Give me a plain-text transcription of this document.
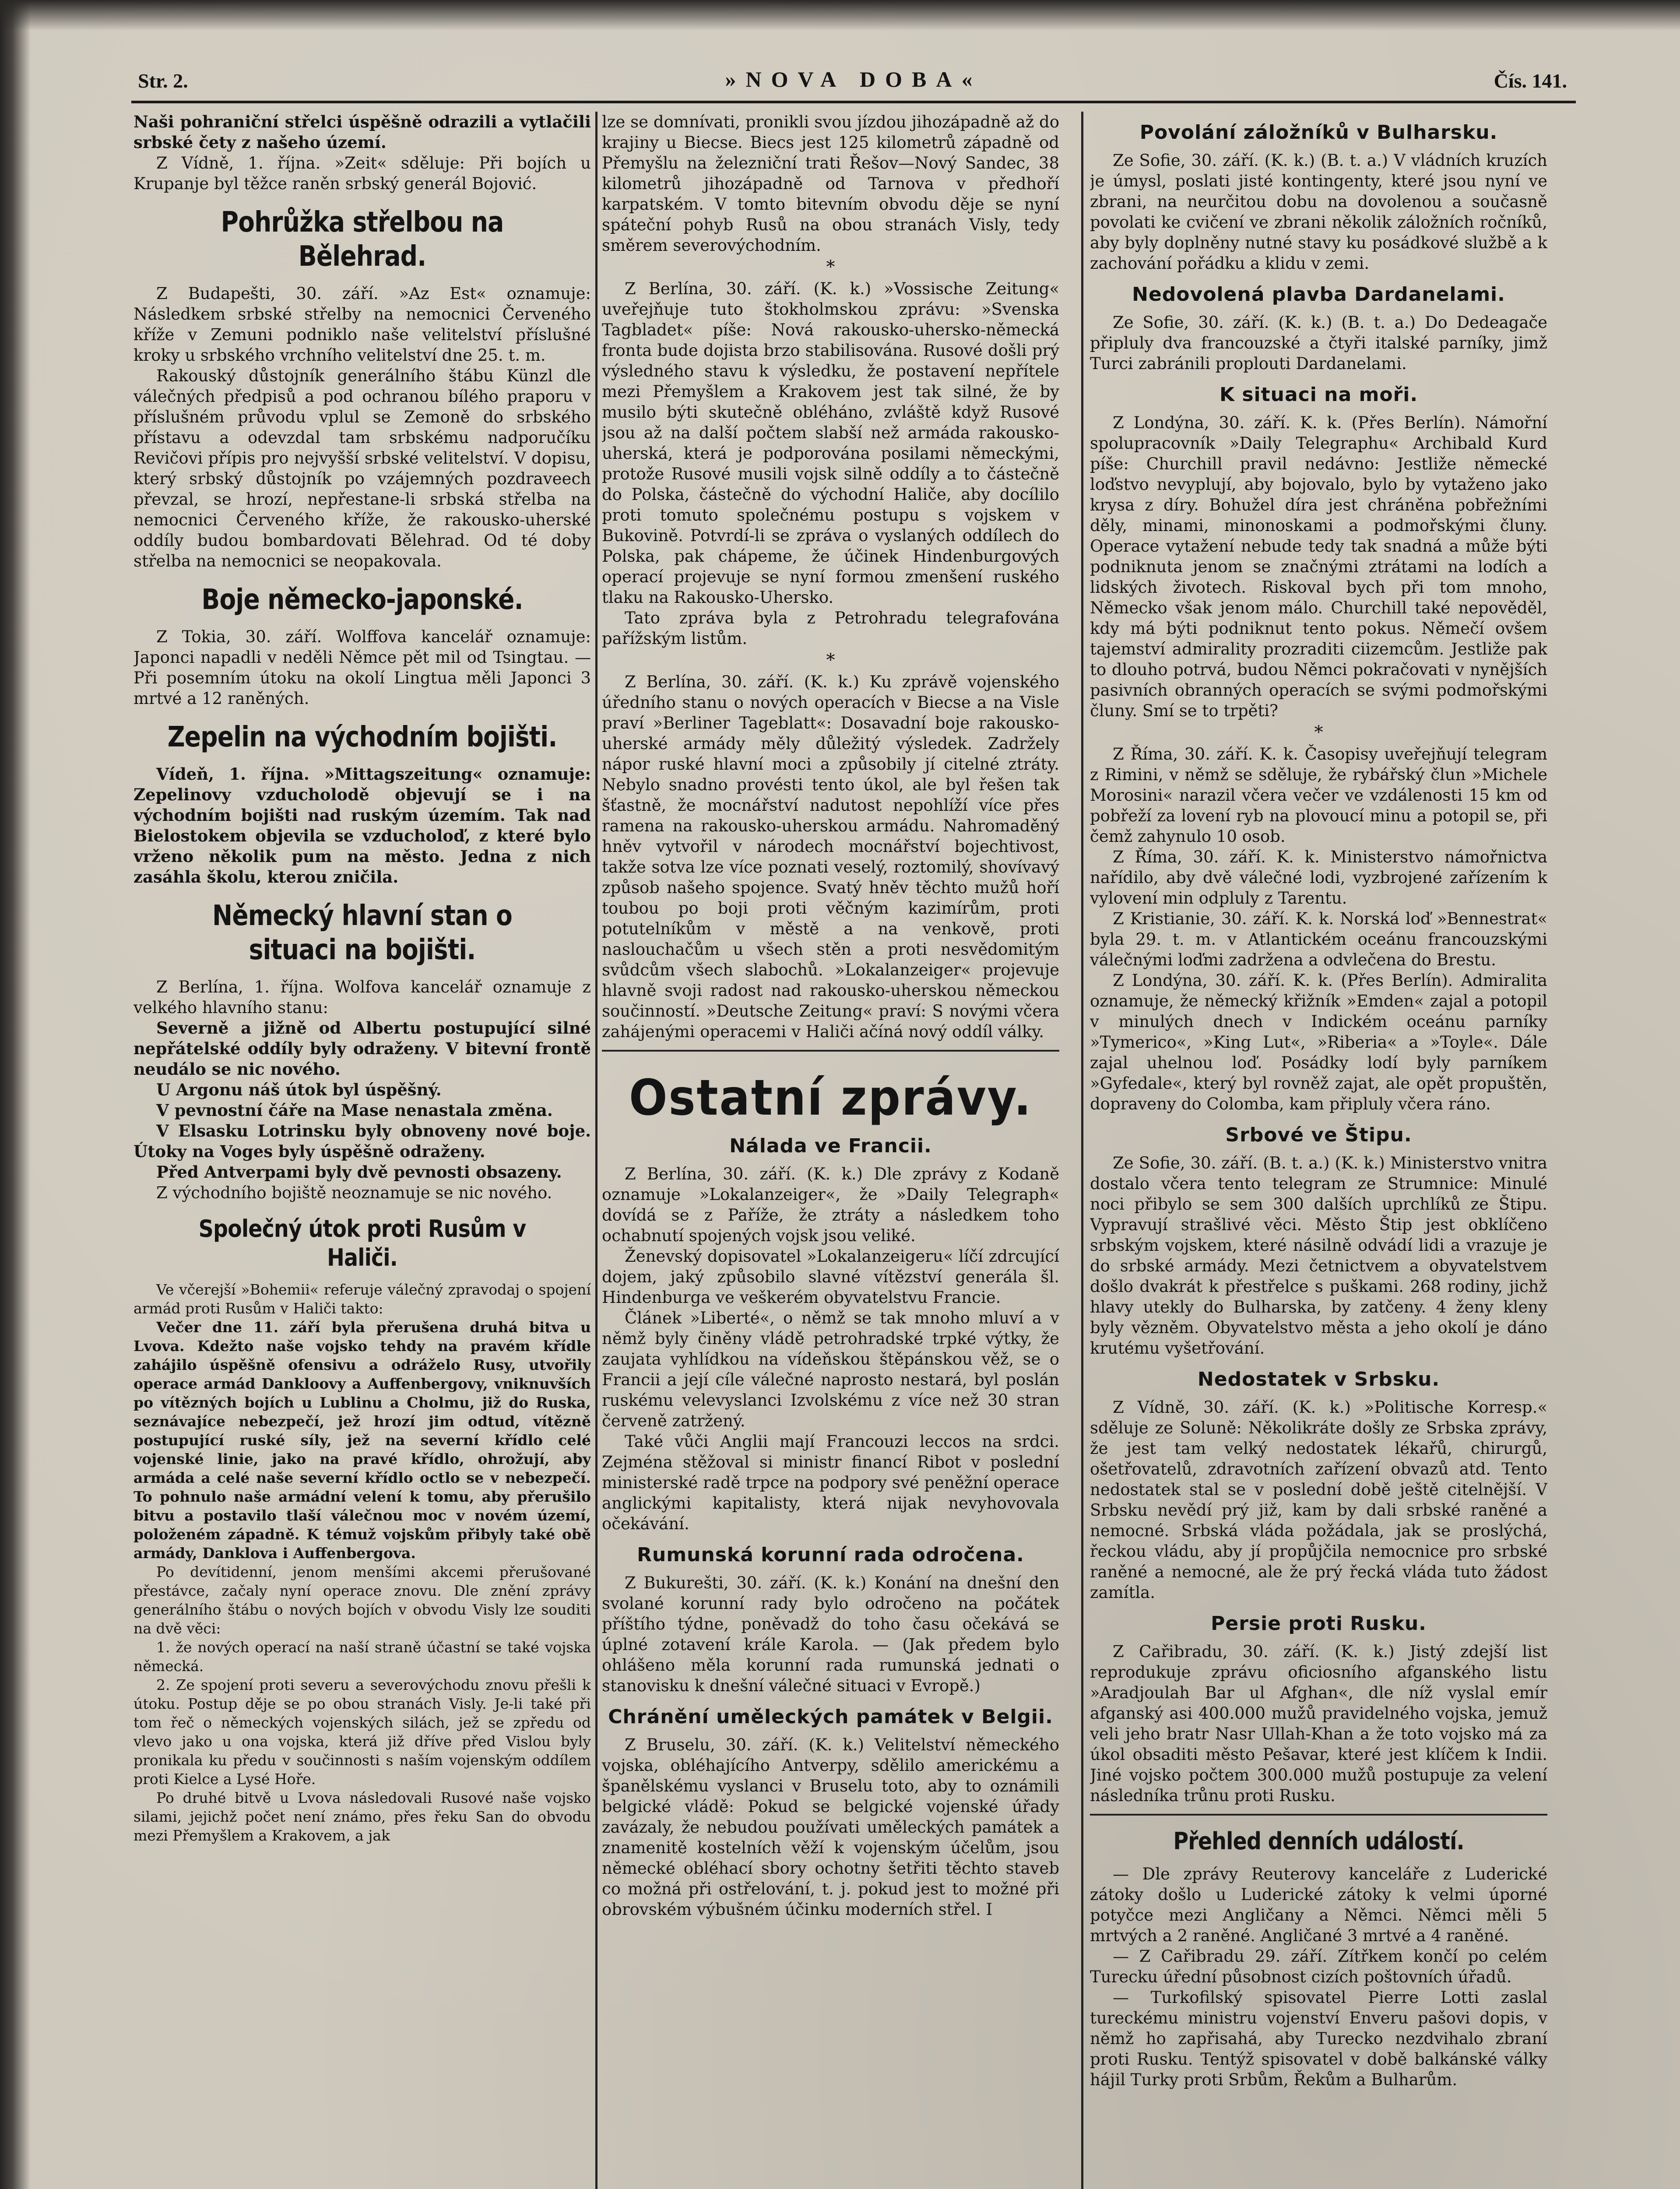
Str. 2.	»NOVA DOBA«	Čís. 141.

Naši pohraniční střelci úspěšně odrazili a vytlačili srbské čety z našeho území.

Z Vídně, 1. října. »Zeit« sděluje: Při bojích u Krupanje byl těžce raněn srbský generál Bojović.

Pohrůžka střelbou na Bělehrad.

Z Budapešti, 30. září. »Az Est« oznamuje: Následkem srbské střelby na nemocnici Červeného kříže v Zemuni podniklo naše velitelství příslušné kroky u srbského vrchního velitelství dne 25. t. m.

Rakouský důstojník generálního štábu Künzl dle válečných předpisů a pod ochranou bílého praporu v příslušném průvodu vplul se Zemoně do srbského přístavu a odevzdal tam srbskému nadporučíku Revičovi přípis pro nejvyšší srbské velitelství. V dopisu, který srbský důstojník po vzájemných pozdraveech převzal, se hrozí, nepřestane-li srbská střelba na nemocnici Červeného kříže, že rakousko-uherské oddíly budou bombardovati Bělehrad. Od té doby střelba na nemocnici se neopakovala.

Boje německo-japonské.

Z Tokia, 30. září. Wolffova kancelář oznamuje: Japonci napadli v neděli Němce pět mil od Tsingtau. — Při posemním útoku na okolí Lingtua měli Japonci 3 mrtvé a 12 raněných.

Zepelin na východním bojišti.

Vídeň, 1. října. »Mittagszeitung« oznamuje: Zepelinovy vzducholodě objevují se i na východním bojišti nad ruským územím. Tak nad Bielostokem objevila se vzducholoď, z které bylo vrženo několik pum na město. Jedna z nich zasáhla školu, kterou zničila.

Německý hlavní stan o situaci na bojišti.

Z Berlína, 1. října. Wolfova kancelář oznamuje z velkého hlavního stanu:

Severně a jižně od Albertu postupující silné nepřátelské oddíly byly odraženy. V bitevní frontě neudálo se nic nového.

U Argonu náš útok byl úspěšný.

V pevnostní čáře na Mase nenastala změna.

V Elsasku Lotrinsku byly obnoveny nové boje. Útoky na Voges byly úspěšně odraženy.

Před Antverpami byly dvě pevnosti obsazeny.

Z východního bojiště neoznamuje se nic nového.

Společný útok proti Rusům v Haliči.

Ve včerejší »Bohemii« referuje válečný zpravodaj o spojení armád proti Rusům v Haliči takto:

Večer dne 11. září byla přerušena druhá bitva u Lvova. Kdežto naše vojsko tehdy na pravém křídle zahájilo úspěšně ofensivu a odráželo Rusy, utvořily operace armád Dankloovy a Auffenbergovy, vniknuvších po vítězných bojích u Lublinu a Cholmu, již do Ruska, seznávajíce nebezpečí, jež hrozí jim odtud, vítězně postupující ruské síly, jež na severní křídlo celé vojenské linie, jako na pravé křídlo, ohrožují, aby armáda a celé naše severní křídlo octlo se v nebezpečí. To pohnulo naše armádní velení k tomu, aby přerušilo bitvu a postavilo tlaší válečnou moc v novém území, položeném západně. K témuž vojskům přibyly také obě armády, Danklova i Auffenbergova.

Po devítidenní, jenom menšími akcemi přerušované přestávce, začaly nyní operace znovu. Dle znění zprávy generálního štábu o nových bojích v obvodu Visly lze souditi na dvě věci:

1. že nových operací na naší straně účastní se také vojska německá.

2. Ze spojení proti severu a severovýchodu znovu přešli k útoku. Postup děje se po obou stranách Visly. Je-li také při tom řeč o německých vojenských silách, jež se zpředu od vlevo jako u ona vojska, která již dříve před Vislou byly pronikala ku předu v součinnosti s naším vojenským oddílem proti Kielce a Lysé Hoře.

Po druhé bitvě u Lvova následovali Rusové naše vojsko silami, jejichž počet není známo, přes řeku San do obvodu mezi Přemyšlem a Krakovem, a jak

lze se domnívati, pronikli svou jízdou jihozápadně až do krajiny u Biecse. Biecs jest 125 kilometrů západně od Přemyšlu na železniční trati Řešov—Nový Sandec, 38 kilometrů jihozápadně od Tarnova v předhoří karpatském. V tomto bitevním obvodu děje se nyní spáteční pohyb Rusů na obou stranách Visly, tedy směrem severovýchodním.

*

Z Berlína, 30. září. (K. k.) »Vossische Zeitung« uveřejňuje tuto štokholmskou zprávu: »Svenska Tagbladet« píše: Nová rakousko-uhersko-německá fronta bude dojista brzo stabilisována. Rusové došli prý výsledného stavu k výsledku, že postavení nepřítele mezi Přemyšlem a Krakovem jest tak silné, že by musilo býti skutečně obléháno, zvláště když Rusové jsou až na další počtem slabší než armáda rakousko-uherská, která je podporována posilami německými, protože Rusové musili vojsk silně oddíly a to částečně do Polska, částečně do východní Haliče, aby docílilo proti tomuto společnému postupu s vojskem v Bukovině. Potvrdí-li se zpráva o vyslaných oddílech do Polska, pak chápeme, že účinek Hindenburgových operací projevuje se nyní formou zmenšení ruského tlaku na Rakousko-Uhersko.

Tato zpráva byla z Petrohradu telegrafována pařížským listům.

*

Z Berlína, 30. září. (K. k.) Ku zprávě vojenského úředního stanu o nových operacích v Biecse a na Visle praví »Berliner Tageblatt«: Dosavadní boje rakousko-uherské armády měly důležitý výsledek. Zadržely nápor ruské hlavní moci a způsobily jí citelné ztráty. Nebylo snadno provésti tento úkol, ale byl řešen tak šťastně, že mocnářství nadutost nepohlíží více přes ramena na rakousko-uherskou armádu. Nahromaděný hněv vytvořil v národech mocnářství bojechtivost, takže sotva lze více poznati veselý, roztomilý, shovívavý způsob našeho spojence. Svatý hněv těchto mužů hoří toubou po boji proti věčným kazimírům, proti potutelníkům v městě a na venkově, proti naslouchačům u všech stěn a proti nesvědomitým svůdcům všech slabochů. »Lokalanzeiger« projevuje hlavně svoji radost nad rakousko-uherskou německou součinností. »Deutsche Zeitung« praví: S novými včera zahájenými operacemi v Haliči ačíná nový oddíl války.

Ostatní zprávy.
Nálada ve Francii.

Z Berlína, 30. září. (K. k.) Dle zprávy z Kodaně oznamuje »Lokalanzeiger«, že »Daily Telegraph« dovídá se z Paříže, že ztráty a následkem toho ochabnutí spojených vojsk jsou veliké.

Ženevský dopisovatel »Lokalanzeigeru« líčí zdrcující dojem, jaký způsobilo slavné vítězství generála šl. Hindenburga ve veškerém obyvatelstvu Francie.

Článek »Liberté«, o němž se tak mnoho mluví a v němž byly činěny vládě petrohradské trpké výtky, že zaujata vyhlídkou na vídeňskou štěpánskou věž, se o Francii a její cíle válečné naprosto nestará, byl poslán ruskému velevyslanci Izvolskému z více než 30 stran červeně zatržený.

Také vůči Anglii mají Francouzi leccos na srdci. Zejména stěžoval si ministr financí Ribot v poslední ministerské radě trpce na podpory své peněžní operace anglickými kapitalisty, která nijak nevyhovovala očekávání.

Rumunská korunní rada odročena.

Z Bukurešti, 30. září. (K. k.) Konání na dnešní den svolané korunní rady bylo odročeno na počátek příštího týdne, poněvadž do toho času očekává se úplné zotavení krále Karola. — (Jak předem bylo ohlášeno měla korunní rada rumunská jednati o stanovisku k dnešní válečné situaci v Evropě.)

Chránění uměleckých památek v Belgii.

Z Bruselu, 30. září. (K. k.) Velitelství německého vojska, obléhajícího Antverpy, sdělilo americkému a španělskému vyslanci v Bruselu toto, aby to oznámili belgické vládě: Pokud se belgické vojenské úřady zavázaly, že nebudou používati uměleckých památek a znamenitě kostelních věží k vojenským účelům, jsou německé obléhací sbory ochotny šetřiti těchto staveb co možná při ostřelování, t. j. pokud jest to možné při obrovském výbušném účinku moderních střel. I

Povolání záložníků v Bulharsku.

Ze Sofie, 30. září. (K. k.) (B. t. a.) V vládních kruzích je úmysl, poslati jisté kontingenty, které jsou nyní ve zbrani, na neurčitou dobu na dovolenou a současně povolati ke cvičení ve zbrani několik záložních ročníků, aby byly doplněny nutné stavy ku posádkové službě a k zachování pořádku a klidu v zemi.

Nedovolená plavba Dardanelami.

Ze Sofie, 30. září. (K. k.) (B. t. a.) Do Dedeagače připluly dva francouzské a čtyři italské parníky, jimž Turci zabránili proplouti Dardanelami.

K situaci na moři.

Z Londýna, 30. září. K. k. (Přes Berlín). Námořní spolupracovník »Daily Telegraphu« Archibald Kurd píše: Churchill pravil nedávno: Jestliže německé loďstvo nevyplují, aby bojovalo, bylo by vytaženo jako krysa z díry. Bohužel díra jest chráněna pobřežními děly, minami, minonoskami a podmořskými čluny. Operace vytažení nebude tedy tak snadná a může býti podniknuta jenom se značnými ztrátami na lodích a lidských životech. Riskoval bych při tom mnoho, Německo však jenom málo. Churchill také nepověděl, kdy má býti podniknut tento pokus. Němečí ovšem tajemství admirality prozraditi ciizemcům. Jestliže pak to dlouho potrvá, budou Němci pokračovati v nynějších pasivních obranných operacích se svými podmořskými čluny. Smí se to trpěti?

*

Z Říma, 30. září. K. k. Časopisy uveřejňují telegram z Rimini, v němž se sděluje, že rybářský člun »Michele Morosini« narazil včera večer ve vzdálenosti 15 km od pobřeží za lovení ryb na plovoucí minu a potopil se, při čemž zahynulo 10 osob.

Z Říma, 30. září. K. k. Ministerstvo námořnictva nařídilo, aby dvě válečné lodi, vyzbrojené zařízením k vylovení min odpluly z Tarentu.

Z Kristianie, 30. září. K. k. Norská loď »Bennestrat« byla 29. t. m. v Atlantickém oceánu francouzskými válečnými loďmi zadržena a odvlečena do Brestu.

Z Londýna, 30. září. K. k. (Přes Berlín). Admiralita oznamuje, že německý křižník »Emden« zajal a potopil v minulých dnech v Indickém oceánu parníky »Tymerico«, »King Lut«, »Riberia« a »Toyle«. Dále zajal uhelnou loď. Posádky lodí byly parníkem »Gyfedale«, který byl rovněž zajat, ale opět propuštěn, dopraveny do Colomba, kam připluly včera ráno.

Srbové ve Štipu.

Ze Sofie, 30. září. (B. t. a.) (K. k.) Ministerstvo vnitra dostalo včera tento telegram ze Strumnice: Minulé noci přibylo se sem 300 dalších uprchlíků ze Štipu. Vypravují strašlivé věci. Město Štip jest obklíčeno srbským vojskem, které násilně odvádí lidi a vrazuje je do srbské armády. Mezi četnictvem a obyvatelstvem došlo dvakrát k přestřelce s puškami. 268 rodiny, jichž hlavy utekly do Bulharska, by zatčeny. 4 ženy kleny byly vězněm. Obyvatelstvo města a jeho okolí je dáno krutému vyšetřování.

Nedostatek v Srbsku.

Z Vídně, 30. září. (K. k.) »Politische Korresp.« sděluje ze Soluně: Několikráte došly ze Srbska zprávy, že jest tam velký nedostatek lékařů, chirurgů, ošetřovatelů, zdravotních zařízení obvazů atd. Tento nedostatek stal se v poslední době ještě citelnější. V Srbsku nevědí prý již, kam by dali srbské raněné a nemocné. Srbská vláda požádala, jak se proslýchá, řeckou vládu, aby jí propůjčila nemocnice pro srbské raněné a nemocné, ale že prý řecká vláda tuto žádost zamítla.

Persie proti Rusku.

Z Cařibradu, 30. září. (K. k.) Jistý zdejší list reprodukuje zprávu oficiosního afganského listu »Aradjoulah Bar ul Afghan«, dle níž vyslal emír afganský asi 400.000 mužů pravidelného vojska, jemuž veli jeho bratr Nasr Ullah-Khan a že toto vojsko má za úkol obsaditi město Pešavar, které jest klíčem k Indii. Jiné vojsko počtem 300.000 mužů postupuje za velení následníka trůnu proti Rusku.

Přehled denních událostí.

— Dle zprávy Reuterovy kanceláře z Luderické zátoky došlo u Luderické zátoky k velmi úporné potyčce mezi Angličany a Němci. Němci měli 5 mrtvých a 2 raněné. Angličané 3 mrtvé a 4 raněné.

— Z Cařibradu 29. září. Zítřkem končí po celém Turecku úřední působnost cizích poštovních úřadů.

— Turkofilský spisovatel Pierre Lotti zaslal tureckému ministru vojenství Enveru pašovi dopis, v němž ho zapřisahá, aby Turecko nezdvihalo zbraní proti Rusku. Tentýž spisovatel v době balkánské války hájil Turky proti Srbům, Řekům a Bulharům.
